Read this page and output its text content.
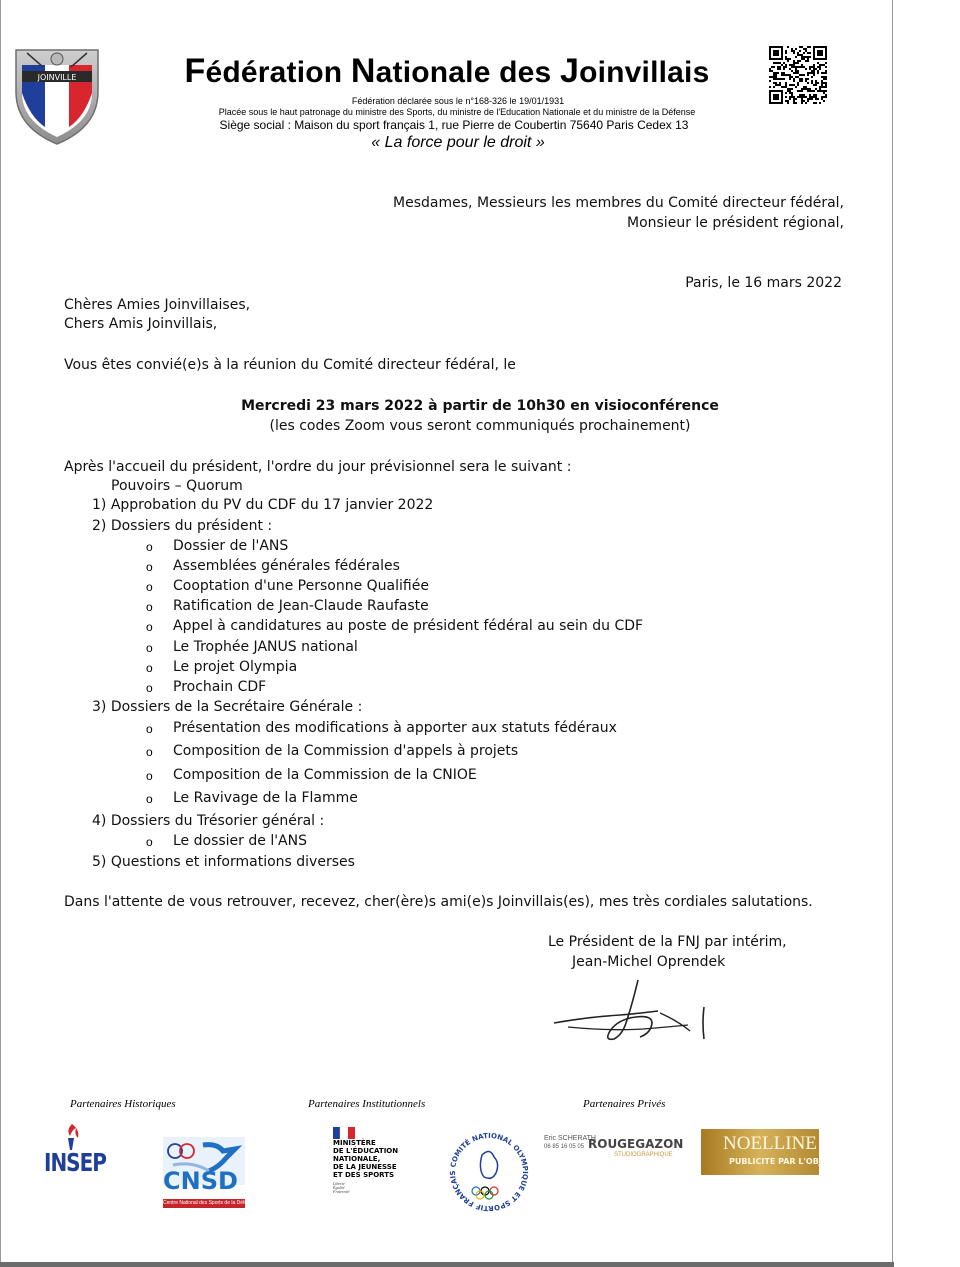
JOINVILLE	Fédération Nationale des Joinvillais
Fédération déclarée sous le n°168-326 le 19/01/1931
Placée sous le haut patronage du ministre des Sports, du ministre de l'Education Nationale et du ministre de la Défense
Siège social : Maison du sport français 1, rue Pierre de Coubertin 75640 Paris Cedex 13
« La force pour le droit »
Mesdames, Messieurs les membres du Comité directeur fédéral,
Monsieur le président régional,
Paris, le 16 mars 2022
Chères Amies Joinvillaises,
Chers Amis Joinvillais,
Vous êtes convié(e)s à la réunion du Comité directeur fédéral, le
Mercredi 23 mars 2022 à partir de 10h30 en visioconférence
(les codes Zoom vous seront communiqués prochainement)
Après l'accueil du président, l'ordre du jour prévisionnel sera le suivant :
Pouvoirs – Quorum
1) Approbation du PV du CDF du 17 janvier 2022
2) Dossiers du président :
o Dossier de l'ANS
o Assemblées générales fédérales
o Cooptation d'une Personne Qualifiée
o Ratification de Jean-Claude Raufaste
o Appel à candidatures au poste de président fédéral au sein du CDF
o Le Trophée JANUS national
o Le projet Olympia
o Prochain CDF
3) Dossiers de la Secrétaire Générale :
o Présentation des modifications à apporter aux statuts fédéraux
o Composition de la Commission d'appels à projets
o Composition de la Commission de la CNIOE
o Le Ravivage de la Flamme
4) Dossiers du Trésorier général :
o Le dossier de l'ANS
5) Questions et informations diverses
Dans l'attente de vous retrouver, recevez, cher(ère)s ami(e)s Joinvillais(es), mes très cordiales salutations.
Le Président de la FNJ par intérim,
Jean-Michel Oprendek
Partenaires Historiques	Partenaires Institutionnels	Partenaires Privés
INSEP
CNSD
Centre National des Sports de la Défense
MINISTÈRE
DE L'ÉDUCATION
NATIONALE,
DE LA JEUNESSE
ET DES SPORTS
Liberté
Égalité
Fraternité
COMITÉ NATIONAL OLYMPIQUE ET SPORTIF FRANÇAIS
Eric SCHERATH
06 85 16 05 05 ROUGEGAZON
STUDIOGRAPHIQUE
NOELLINE
PUBLICITE PAR L'OBJ
